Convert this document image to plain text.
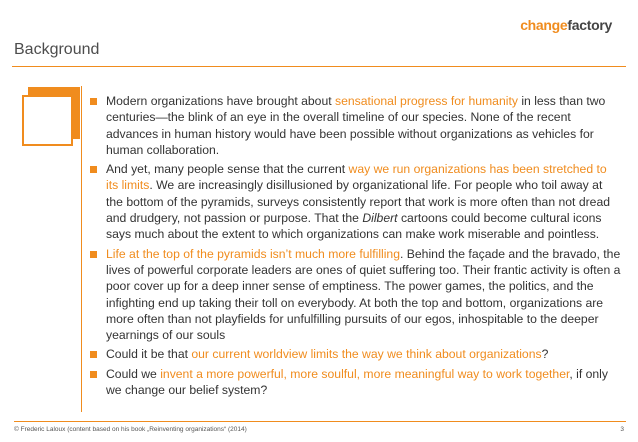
changefactory
Background
Modern organizations have brought about sensational progress for humanity in less than two centuries—the blink of an eye in the overall timeline of our species. None of the recent advances in human history would have been possible without organizations as vehicles for human collaboration.
And yet, many people sense that the current way we run organizations has been stretched to its limits. We are increasingly disillusioned by organizational life. For people who toil away at the bottom of the pyramids, surveys consistently report that work is more often than not dread and drudgery, not passion or purpose. That the Dilbert cartoons could become cultural icons says much about the extent to which organizations can make work miserable and pointless.
Life at the top of the pyramids isn’t much more fulfilling. Behind the façade and the bravado, the lives of powerful corporate leaders are ones of quiet suffering too. Their frantic activity is often a poor cover up for a deep inner sense of emptiness. The power games, the politics, and the infighting end up taking their toll on everybody. At both the top and bottom, organizations are more often than not playfields for unfulfilling pursuits of our egos, inhospitable to the deeper yearnings of our souls
Could it be that our current worldview limits the way we think about organizations?
Could we invent a more powerful, more soulful, more meaningful way to work together, if only we change our belief system?
© Frederic Laloux (content based on his book „Reinventing organizations“ (2014)	3
